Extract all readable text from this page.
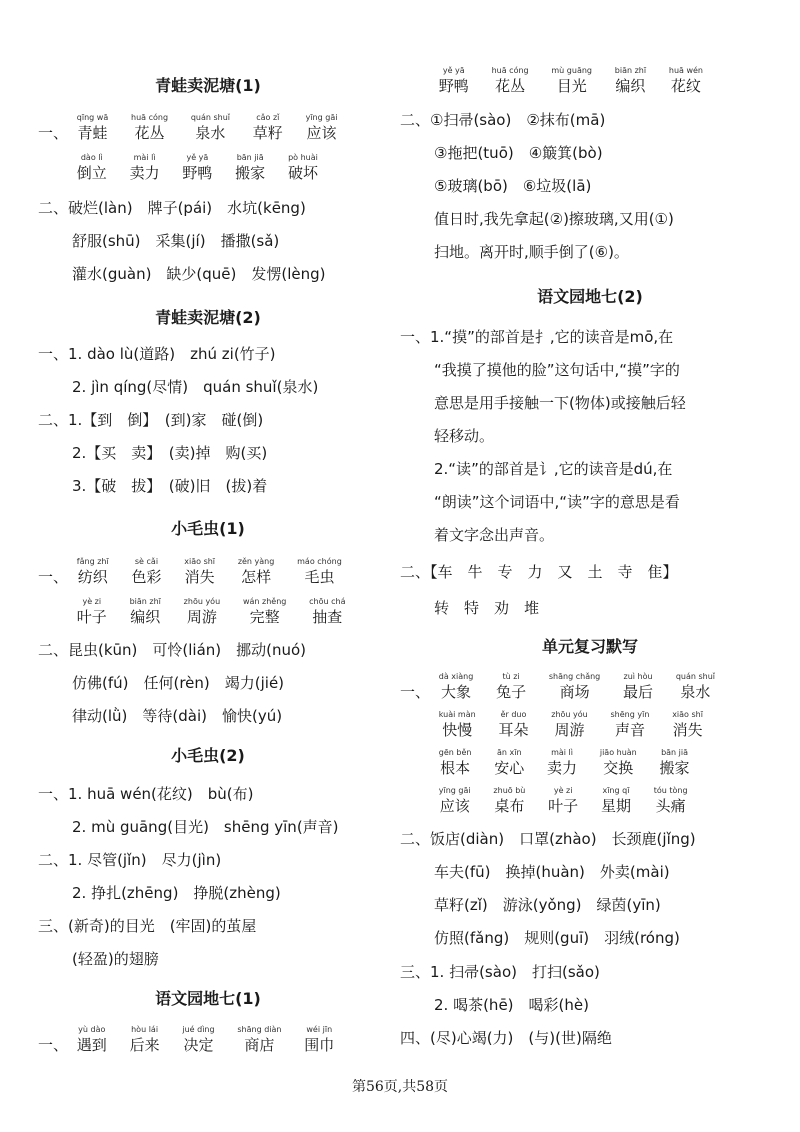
青蛙卖泥塘(1)
一、
qīng wā
青蛙

huā cóng
花丛

quán shuǐ
泉水

cǎo zǐ
草籽

yīng gāi
应该

dào lì
倒立

mài lì
卖力

yě yā
野鸭

bān jiā
搬家

pò huài
破坏
二、破烂(làn)　牌子(pái)　水坑(kēng)
舒服(shū)　采集(jí)　播撒(sǎ)
灌水(guàn)　缺少(quē)　发愣(lèng)
青蛙卖泥塘(2)
一、1. dào lù(道路)　zhú zi(竹子)
2. jìn qíng(尽情)　quán shuǐ(泉水)
二、1.【到　倒】　(到)家　碰(倒)
2.【买　卖】　(卖)掉　购(买)
3.【破　拔】　(破)旧　(拔)着
小毛虫(1)
一、
fǎng zhī
纺织

sè cǎi
色彩

xiāo shī
消失

zěn yàng
怎样

máo chóng
毛虫

yè zi
叶子

biān zhī
编织

zhōu yóu
周游

wán zhěng
完整

chōu chá
抽查
二、昆虫(kūn)　可怜(lián)　挪动(nuó)
仿佛(fú)　任何(rèn)　竭力(jié)
律动(lǜ)　等待(dài)　愉快(yú)
小毛虫(2)
一、1. huā wén(花纹)　bù(布)
2. mù guāng(目光)　shēng yīn(声音)
二、1. 尽管(jǐn)　尽力(jìn)
2. 挣扎(zhēng)　挣脱(zhèng)
三、(新奇)的目光　(牢固)的茧屋
(轻盈)的翅膀
语文园地七(1)
一、
yù dào
遇到

hòu lái
后来

jué dìng
决定

shāng diàn
商店

wéi jīn
围巾

yě yā
野鸭

huā cóng
花丛

mù guāng
目光

biān zhī
编织

huā wén
花纹
二、①扫帚(sào)　②抹布(mā)
③拖把(tuō)　④簸箕(bò)
⑤玻璃(bō)　⑥垃圾(lā)
值日时,我先拿起(②)擦玻璃,又用(①)
扫地。离开时,顺手倒了(⑥)。
语文园地七(2)
一、1.“摸”的部首是扌,它的读音是mō,在
“我摸了摸他的脸”这句话中,“摸”字的
意思是用手接触一下(物体)或接触后轻
轻移动。
2.“读”的部首是讠,它的读音是dú,在
“朗读”这个词语中,“读”字的意思是看
着文字念出声音。
二、【车　牛　专　力　又　土　寺　隹】
转　特　劝　堆
单元复习默写
一、
dà xiàng
大象

tù zi
兔子

shāng chǎng
商场

zuì hòu
最后

quán shuǐ
泉水

kuài màn
快慢

ěr duo
耳朵

zhōu yóu
周游

shēng yīn
声音

xiāo shī
消失

gēn běn
根本

ān xīn
安心

mài lì
卖力

jiāo huàn
交换

bān jiā
搬家

yīng gāi
应该

zhuō bù
桌布

yè zi
叶子

xīng qī
星期

tóu tòng
头痛
二、饭店(diàn)　口罩(zhào)　长颈鹿(jǐng)
车夫(fū)　换掉(huàn)　外卖(mài)
草籽(zǐ)　游泳(yǒng)　绿茵(yīn)
仿照(fǎng)　规则(guī)　羽绒(róng)
三、1. 扫帚(sào)　打扫(sǎo)
2. 喝茶(hē)　喝彩(hè)
四、(尽)心竭(力)　(与)(世)隔绝
第56页,共58页
